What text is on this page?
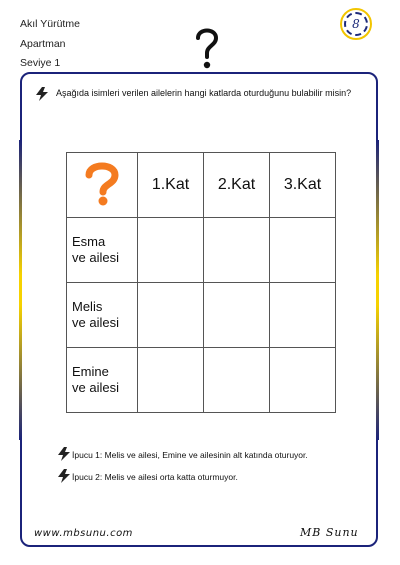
Akıl Yürütme
Apartman
Seviye 1
8
Aşağıda isimleri verilen ailelerin hangi katlarda oturduğunu bulabilir misin?
	1.Kat	2.Kat	3.Kat

Esma
ve ailesi			

Melis
ve ailesi			

Emine
ve ailesi			

İpucu 1: Melis ve ailesi, Emine ve ailesinin alt katında oturuyor.
İpucu 2: Melis ve ailesi orta katta oturmuyor.
www.mbsunu.com	MB Sunu
